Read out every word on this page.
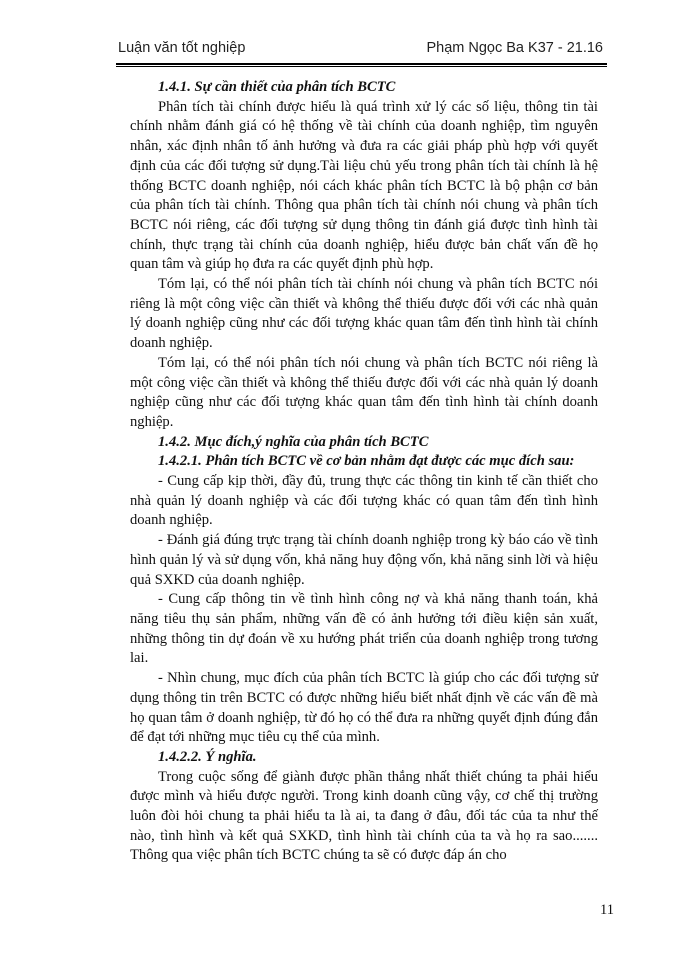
Luận văn tốt nghiệp	Phạm Ngọc Ba K37 - 21.16

1.4.1. Sự cần thiết của phân tích BCTC

Phân tích tài chính được hiểu là quá trình xử lý các số liệu, thông tin tài chính nhằm đánh giá có hệ thống về tài chính của doanh nghiệp, tìm nguyên nhân, xác định nhân tố ảnh hưởng và đưa ra các giải pháp phù hợp với quyết định của các đối tượng sử dụng.Tài liệu chủ yếu trong phân tích tài chính là hệ thống BCTC doanh nghiệp, nói cách khác phân tích BCTC là bộ phận cơ bản của phân tích tài chính. Thông qua phân tích tài chính nói chung và phân tích BCTC nói riêng, các đối tượng sử dụng thông tin đánh giá được tình hình tài chính, thực trạng tài chính của doanh nghiệp, hiểu được bản chất vấn đề họ quan tâm và giúp họ đưa ra các quyết định phù hợp.

Tóm lại, có thể nói phân tích tài chính nói chung và phân tích BCTC nói riêng là một công việc cần thiết và không thể thiếu được đối với các nhà quản lý doanh nghiệp cũng như các đối tượng khác quan tâm đến tình hình tài chính doanh nghiệp.

Tóm lại, có thể nói phân tích nói chung và phân tích BCTC nói riêng là một công việc cần thiết và không thể thiếu được đối với các nhà quản lý doanh nghiệp cũng như các đối tượng khác quan tâm đến tình hình tài chính doanh nghiệp.

1.4.2. Mục đích,ý nghĩa của phân tích BCTC

1.4.2.1. Phân tích BCTC về cơ bản nhằm đạt được các mục đích sau:

- Cung cấp kịp thời, đầy đủ, trung thực các thông tin kinh tế cần thiết cho nhà quản lý doanh nghiệp và các đối tượng khác có quan tâm đến tình hình doanh nghiệp.

- Đánh giá đúng trực trạng tài chính doanh nghiệp trong kỳ báo cáo về tình hình quản lý và sử dụng vốn, khả năng huy động vốn, khả năng sinh lời và hiệu quả SXKD của doanh nghiệp.

- Cung cấp thông tin về tình hình công nợ và khả năng thanh toán, khả năng tiêu thụ sản phẩm, những vấn đề có ảnh hưởng tới điều kiện sản xuất, những thông tin dự đoán về xu hướng phát triển của doanh nghiệp trong tương lai.

- Nhìn chung, mục đích của phân tích BCTC là giúp cho các đối tượng sử dụng thông tin trên BCTC có được những hiểu biết nhất định về các vấn đề mà họ quan tâm ở doanh nghiệp, từ đó họ có thể đưa ra những quyết định đúng đắn để đạt tới những mục tiêu cụ thể của mình.

1.4.2.2. Ý nghĩa.

Trong cuộc sống để giành được phần thắng nhất thiết chúng ta phải hiểu được mình và hiểu được người. Trong kinh doanh cũng vậy, cơ chế thị trường luôn đòi hỏi chung ta phải hiểu ta là ai, ta đang ở đâu, đối tác của ta như thế nào, tình hình và kết quả SXKD, tình hình tài chính của ta và họ ra sao....... Thông qua việc phân tích BCTC chúng ta sẽ có được đáp án cho

11
